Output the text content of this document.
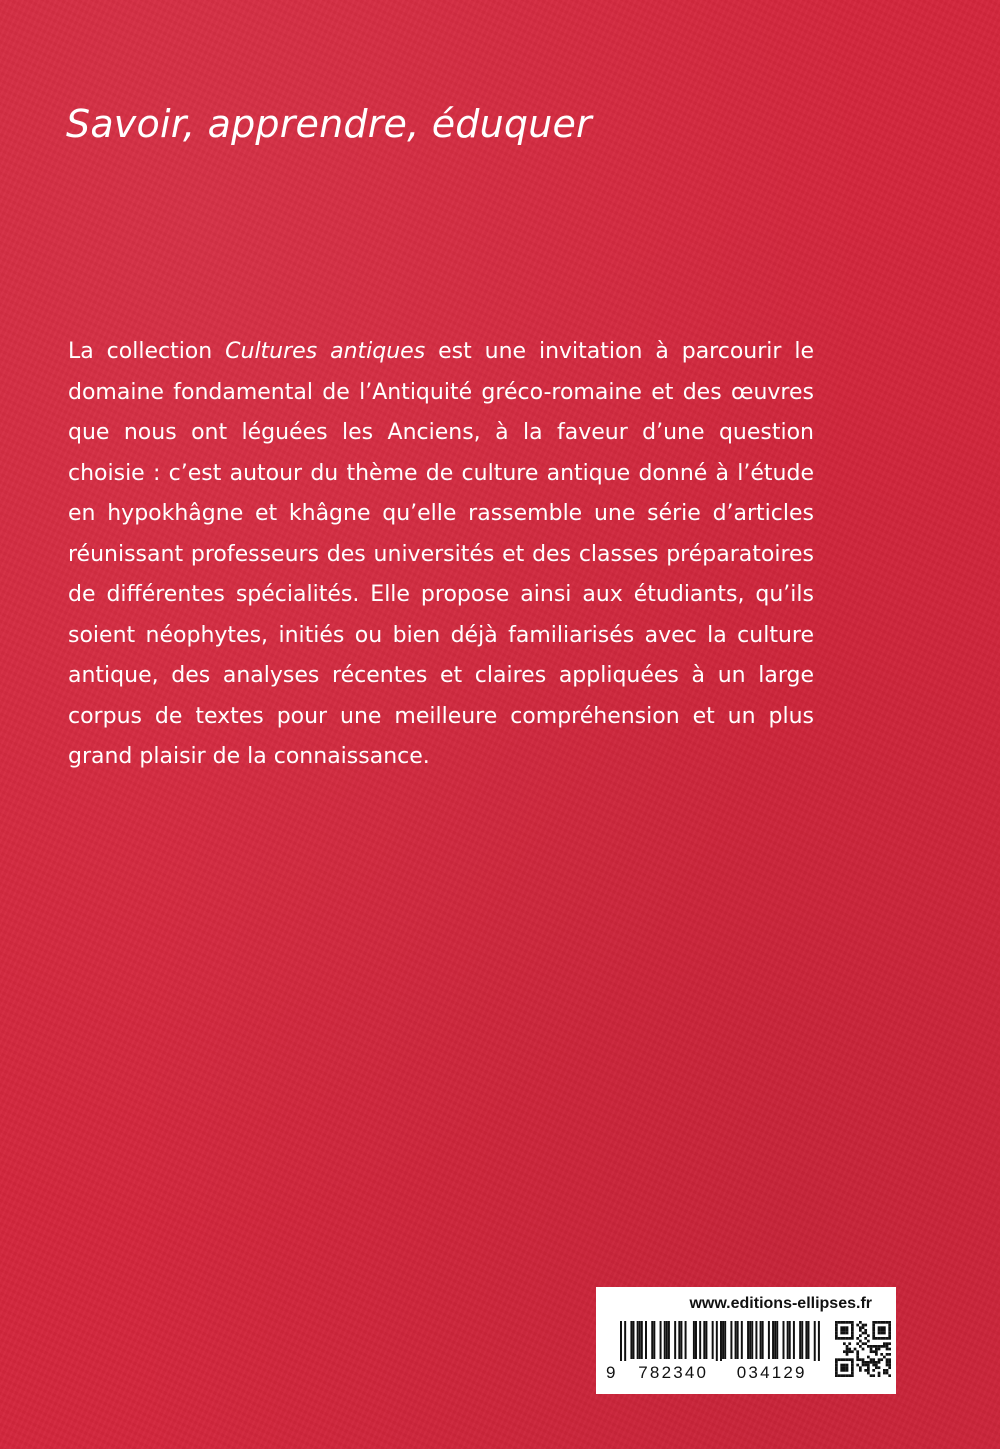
Savoir, apprendre, éduquer

La collection Cultures antiques est une invitation à parcourir le domaine fondamental de l’Antiquité gréco-romaine et des œuvres que nous ont léguées les Anciens, à la faveur d’une question choisie : c’est autour du thème de culture antique donné à l’étude en hypokhâgne et khâgne qu’elle rassemble une série d’articles réunissant professeurs des universités et des classes préparatoires de différentes spécialités. Elle propose ainsi aux étudiants, qu’ils soient néophytes, initiés ou bien déjà familiarisés avec la culture antique, des analyses récentes et claires appliquées à un large corpus de textes pour une meilleure compréhension et un plus grand plaisir de la connaissance.

www.editions-ellipses.fr
9	782340	034129
